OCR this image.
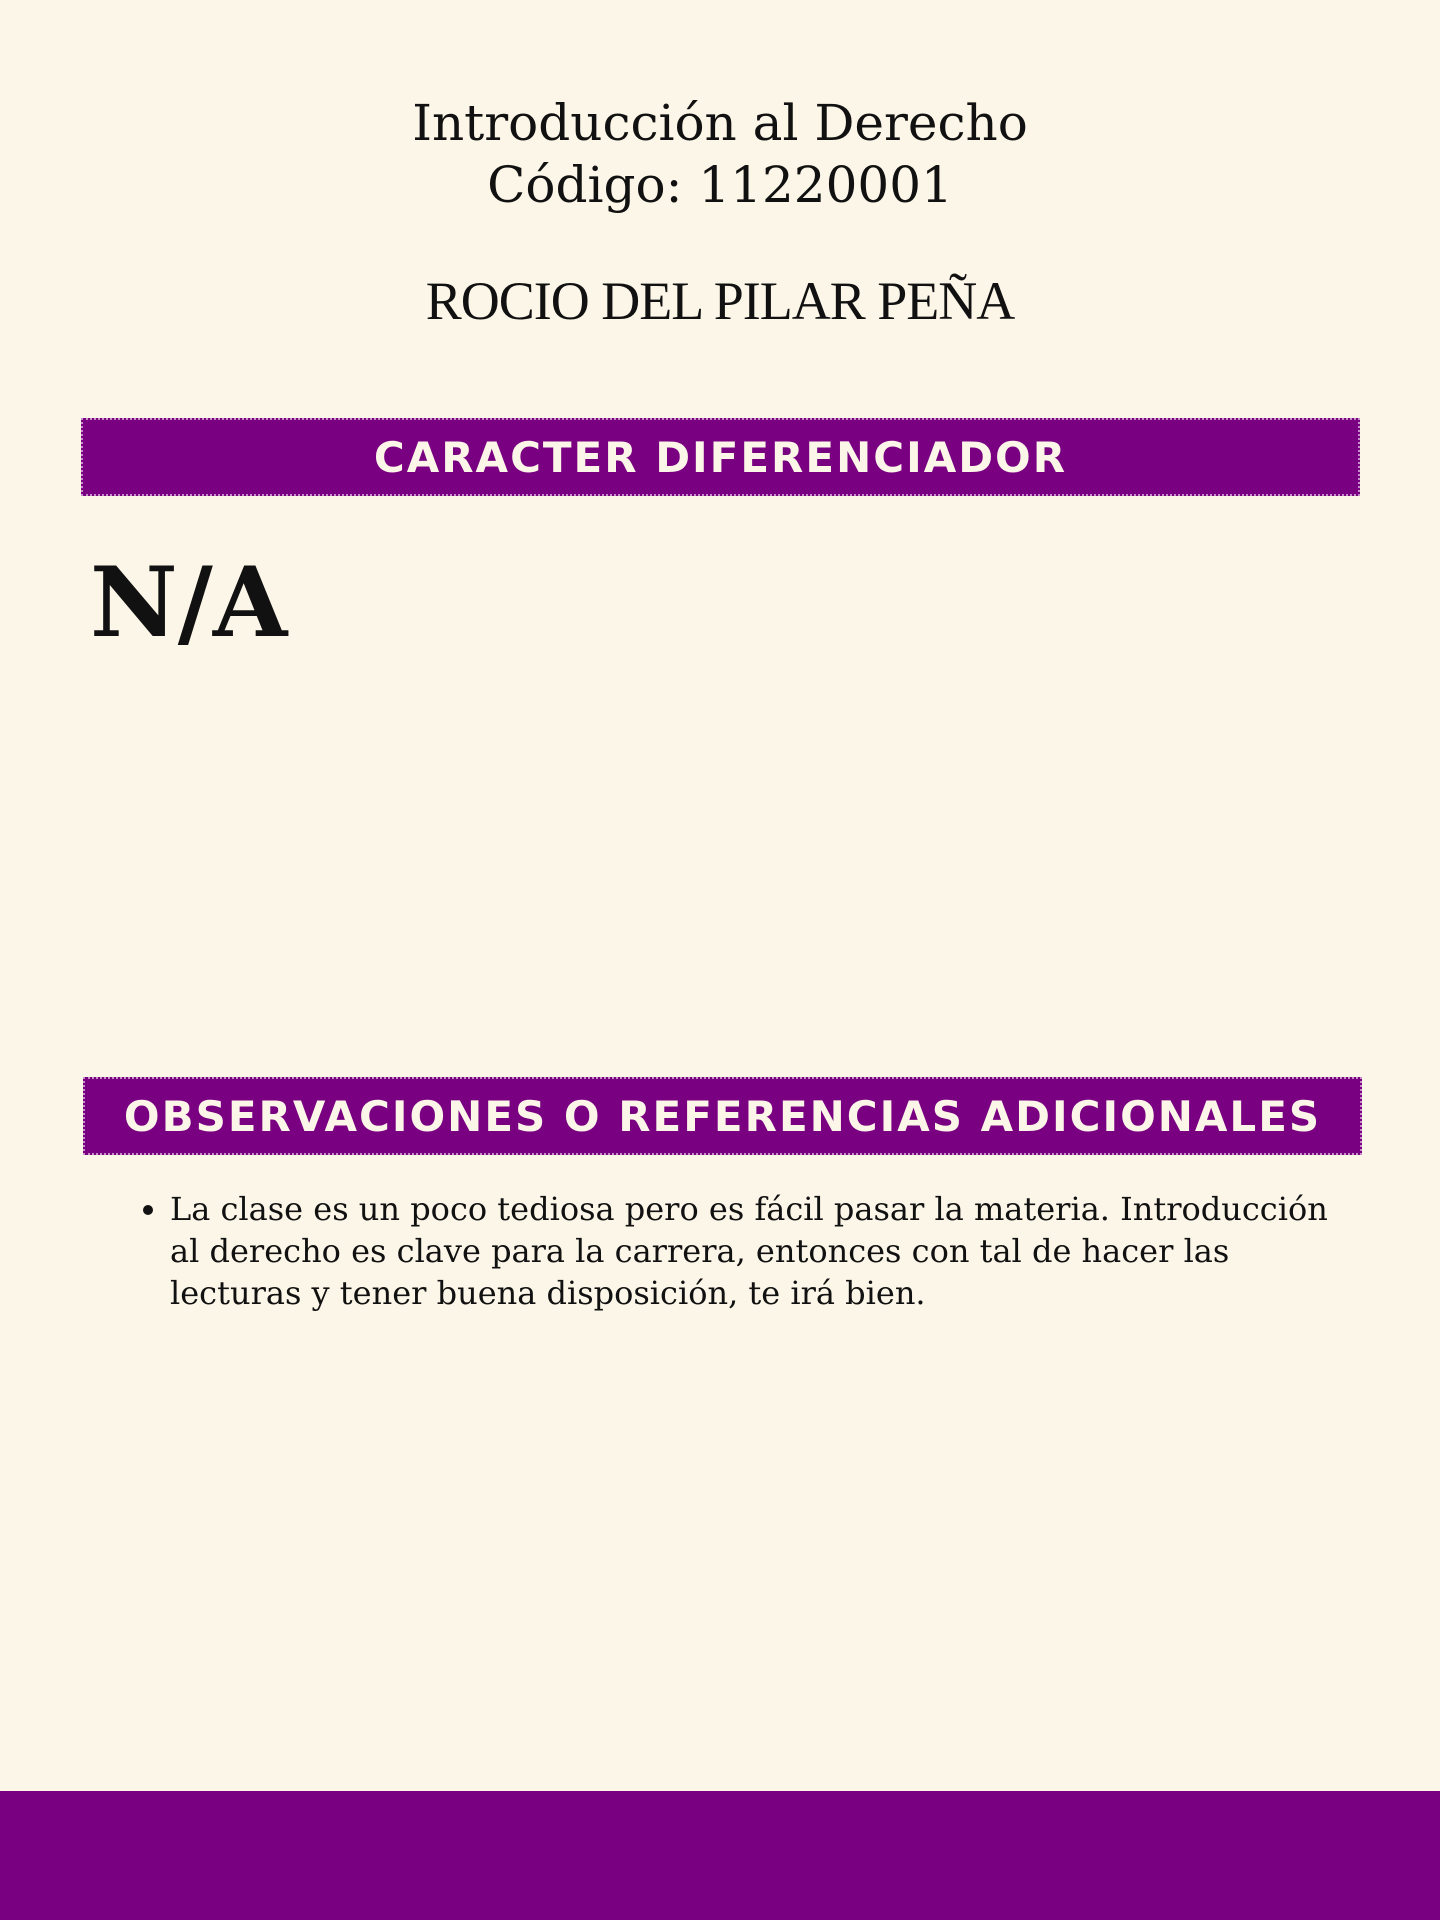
Introducción al Derecho
Código: 11220001
ROCIO DEL PILAR PEÑA
CARACTER DIFERENCIADOR
N/A
OBSERVACIONES O REFERENCIAS ADICIONALES
• La clase es un poco tediosa pero es fácil pasar la materia. Introducción al derecho es clave para la carrera, entonces con tal de hacer las lecturas y tener buena disposición, te irá bien.
